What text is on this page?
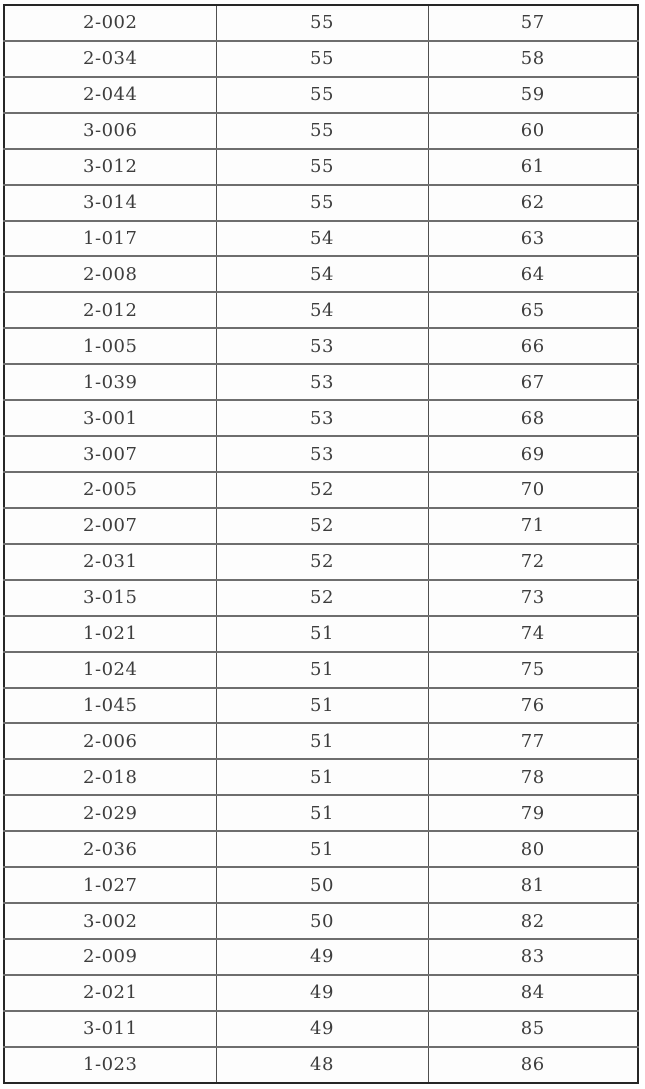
2-002	55	57
2-034	55	58
2-044	55	59
3-006	55	60
3-012	55	61
3-014	55	62
1-017	54	63
2-008	54	64
2-012	54	65
1-005	53	66
1-039	53	67
3-001	53	68
3-007	53	69
2-005	52	70
2-007	52	71
2-031	52	72
3-015	52	73
1-021	51	74
1-024	51	75
1-045	51	76
2-006	51	77
2-018	51	78
2-029	51	79
2-036	51	80
1-027	50	81
3-002	50	82
2-009	49	83
2-021	49	84
3-011	49	85
1-023	48	86
